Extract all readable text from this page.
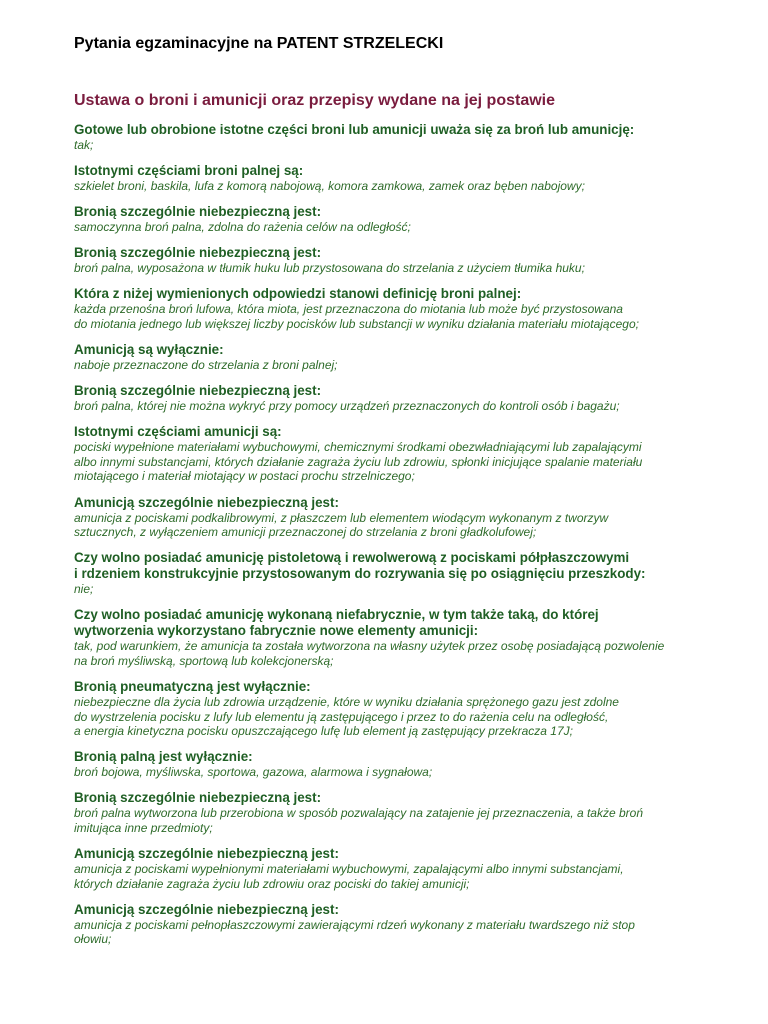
Pytania egzaminacyjne na PATENT STRZELECKI
Ustawa o broni i amunicji oraz przepisy wydane na jej postawie
Gotowe lub obrobione istotne części broni lub amunicji uważa się za broń lub amunicję:
tak;
Istotnymi częściami broni palnej są:
szkielet broni, baskila, lufa z komorą nabojową, komora zamkowa, zamek oraz bęben nabojowy;
Bronią szczególnie niebezpieczną jest:
samoczynna broń palna, zdolna do rażenia celów na odległość;
Bronią szczególnie niebezpieczną jest:
broń palna, wyposażona w tłumik huku lub przystosowana do strzelania z użyciem tłumika huku;
Która z niżej wymienionych odpowiedzi stanowi definicję broni palnej:
każda przenośna broń lufowa, która miota, jest przeznaczona do miotania lub może być przystosowana
do miotania jednego lub większej liczby pocisków lub substancji w wyniku działania materiału miotającego;
Amunicją są wyłącznie:
naboje przeznaczone do strzelania z broni palnej;
Bronią szczególnie niebezpieczną jest:
broń palna, której nie można wykryć przy pomocy urządzeń przeznaczonych do kontroli osób i bagażu;
Istotnymi częściami amunicji są:
pociski wypełnione materiałami wybuchowymi, chemicznymi środkami obezwładniającymi lub zapalającymi
albo innymi substancjami, których działanie zagraża życiu lub zdrowiu, spłonki inicjujące spalanie materiału
miotającego i materiał miotający w postaci prochu strzelniczego;
Amunicją szczególnie niebezpieczną jest:
amunicja z pociskami podkalibrowymi, z płaszczem lub elementem wiodącym wykonanym z tworzyw
sztucznych, z wyłączeniem amunicji przeznaczonej do strzelania z broni gładkolufowej;
Czy wolno posiadać amunicję pistoletową i rewolwerową z pociskami półpłaszczowymi
i rdzeniem konstrukcyjnie przystosowanym do rozrywania się po osiągnięciu przeszkody:
nie;
Czy wolno posiadać amunicję wykonaną niefabrycznie, w tym także taką, do której
wytworzenia wykorzystano fabrycznie nowe elementy amunicji:
tak, pod warunkiem, że amunicja ta została wytworzona na własny użytek przez osobę posiadającą pozwolenie
na broń myśliwską, sportową lub kolekcjonerską;
Bronią pneumatyczną jest wyłącznie:
niebezpieczne dla życia lub zdrowia urządzenie, które w wyniku działania sprężonego gazu jest zdolne
do wystrzelenia pocisku z lufy lub elementu ją zastępującego i przez to do rażenia celu na odległość,
a energia kinetyczna pocisku opuszczającego lufę lub element ją zastępujący przekracza 17J;
Bronią palną jest wyłącznie:
broń bojowa, myśliwska, sportowa, gazowa, alarmowa i sygnałowa;
Bronią szczególnie niebezpieczną jest:
broń palna wytworzona lub przerobiona w sposób pozwalający na zatajenie jej przeznaczenia, a także broń
imitująca inne przedmioty;
Amunicją szczególnie niebezpieczną jest:
amunicja z pociskami wypełnionymi materiałami wybuchowymi, zapalającymi albo innymi substancjami,
których działanie zagraża życiu lub zdrowiu oraz pociski do takiej amunicji;
Amunicją szczególnie niebezpieczną jest:
amunicja z pociskami pełnopłaszczowymi zawierającymi rdzeń wykonany z materiału twardszego niż stop
ołowiu;
